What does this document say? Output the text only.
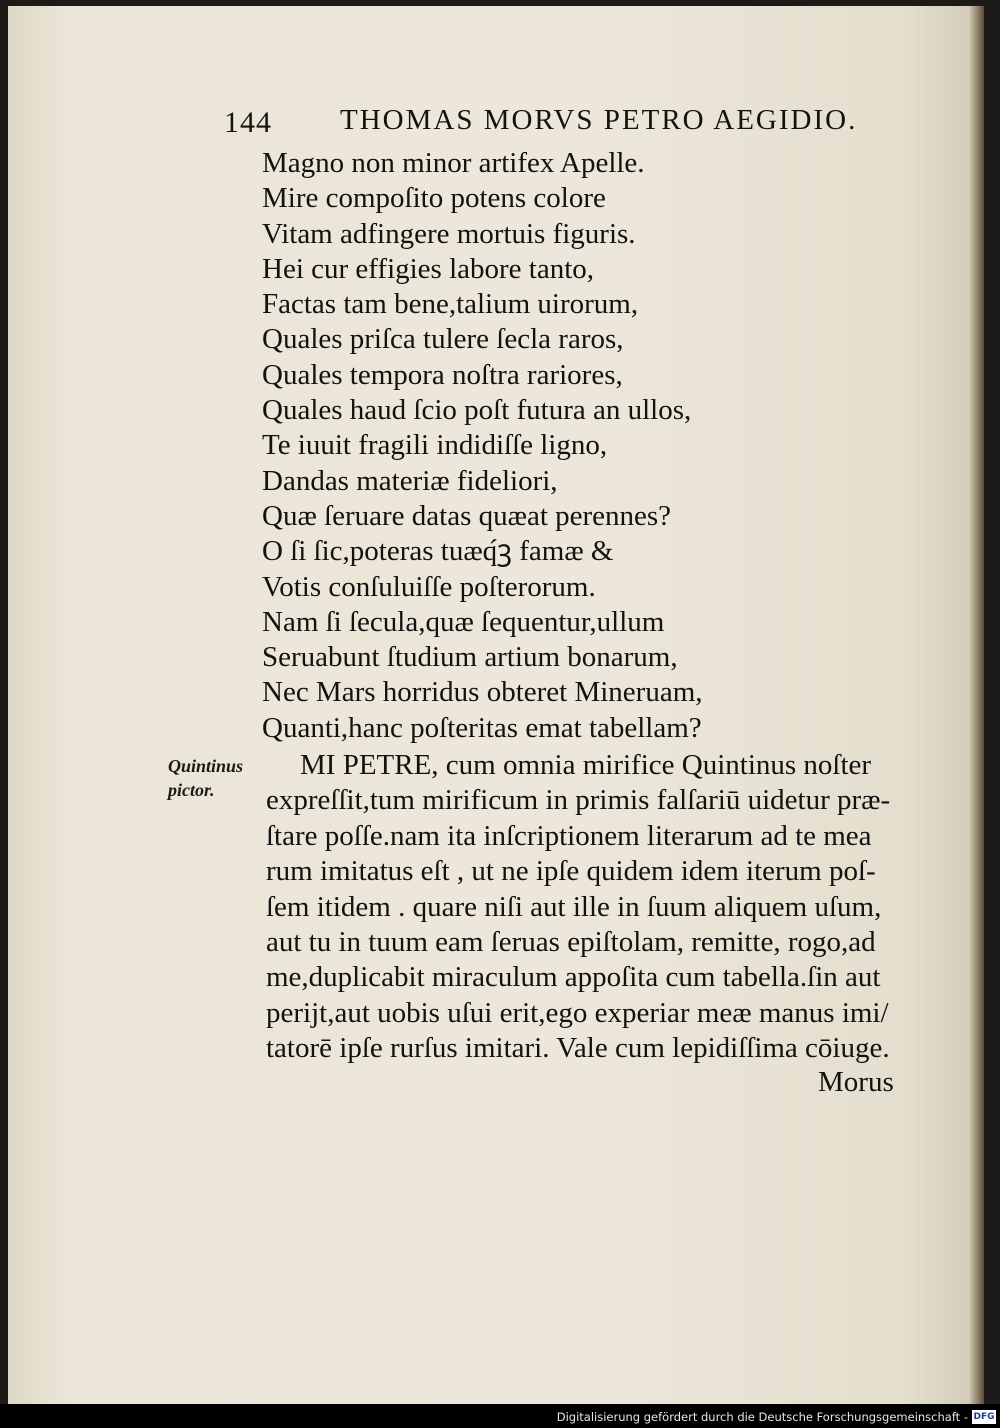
144 THOMAS MORVS PETRO AEGIDIO.
Magno non minor artifex Apelle.
Mire compoſito potens colore
Vitam adfingere mortuis figuris.
Hei cur effigies labore tanto,
Factas tam bene,talium uirorum,
Quales priſca tulere ſecla raros,
Quales tempora noſtra rariores,
Quales haud ſcio poſt futura an ullos,
Te iuuit fragili indidiſſe ligno,
Dandas materiæ fideliori,
Quæ ſeruare datas quæat perennes?
O ſi ſic,poteras tuæq́ꝫ famæ &
Votis conſuluiſſe poſterorum.
Nam ſi ſecula,quæ ſequentur,ullum
Seruabunt ſtudium artium bonarum,
Nec Mars horridus obteret Mineruam,
Quanti,hanc poſteritas emat tabellam?
Quintinus
pictor.
MI PETRE, cum omnia mirifice Quintinus noſter
expreſſit,tum mirificum in primis falſariū uidetur præ-
ſtare poſſe.nam ita inſcriptionem literarum ad te mea
rum imitatus eſt , ut ne ipſe quidem idem iterum poſ-
ſem itidem . quare niſi aut ille in ſuum aliquem uſum,
aut tu in tuum eam ſeruas epiſtolam, remitte, rogo,ad
me,duplicabit miraculum appoſita cum tabella.ſin aut
perijt,aut uobis uſui erit,ego experiar meæ manus imi/
tatorē ipſe rurſus imitari. Vale cum lepidiſſima cōiuge.
Morus
Digitalisierung gefördert durch die Deutsche Forschungsgemeinschaft - DFG
